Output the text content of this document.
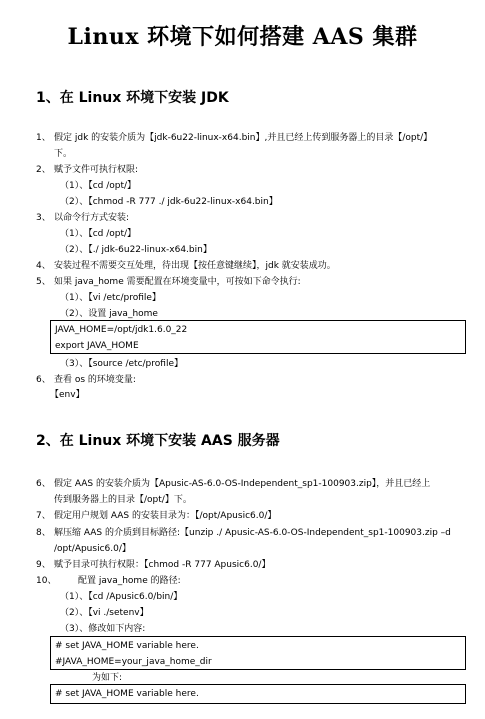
Linux 环境下如何搭建 AAS 集群
1、在 Linux 环境下安装 JDK
1、 假定 jdk 的安装介质为【jdk-6u22-linux-x64.bin】,并且已经上传到服务器上的目录【/opt/】
下。
2、 赋予文件可执行权限:
（1）、【cd /opt/】
（2）、【chmod -R 777 ./ jdk-6u22-linux-x64.bin】
3、 以命令行方式安装:
（1）、【cd /opt/】
（2）、【./ jdk-6u22-linux-x64.bin】
4、 安装过程不需要交互处理，待出现【按任意键继续】，jdk 就安装成功。
5、 如果 java_home 需要配置在环境变量中，可按如下命令执行:
（1）、【vi /etc/profile】
（2）、设置 java_home
JAVA_HOME=/opt/jdk1.6.0_22
export JAVA_HOME
（3）、【source /etc/profile】
6、 查看 os 的环境变量:
【env】
2、在 Linux 环境下安装 AAS 服务器
6、 假定 AAS 的安装介质为【Apusic-AS-6.0-OS-Independent_sp1-100903.zip】，并且已经上
传到服务器上的目录【/opt/】下。
7、 假定用户规划 AAS 的安装目录为：【/opt/Apusic6.0/】
8、 解压缩 AAS 的介质到目标路径:【unzip ./ Apusic-AS-6.0-OS-Independent_sp1-100903.zip –d
/opt/Apusic6.0/】
9、 赋予目录可执行权限：【chmod -R 777 Apusic6.0/】
10、 配置 java_home 的路径:
（1）、【cd /Apusic6.0/bin/】
（2）、【vi ./setenv】
（3）、修改如下内容:
# set JAVA_HOME variable here.
#JAVA_HOME=your_java_home_dir
为如下:
# set JAVA_HOME variable here.
